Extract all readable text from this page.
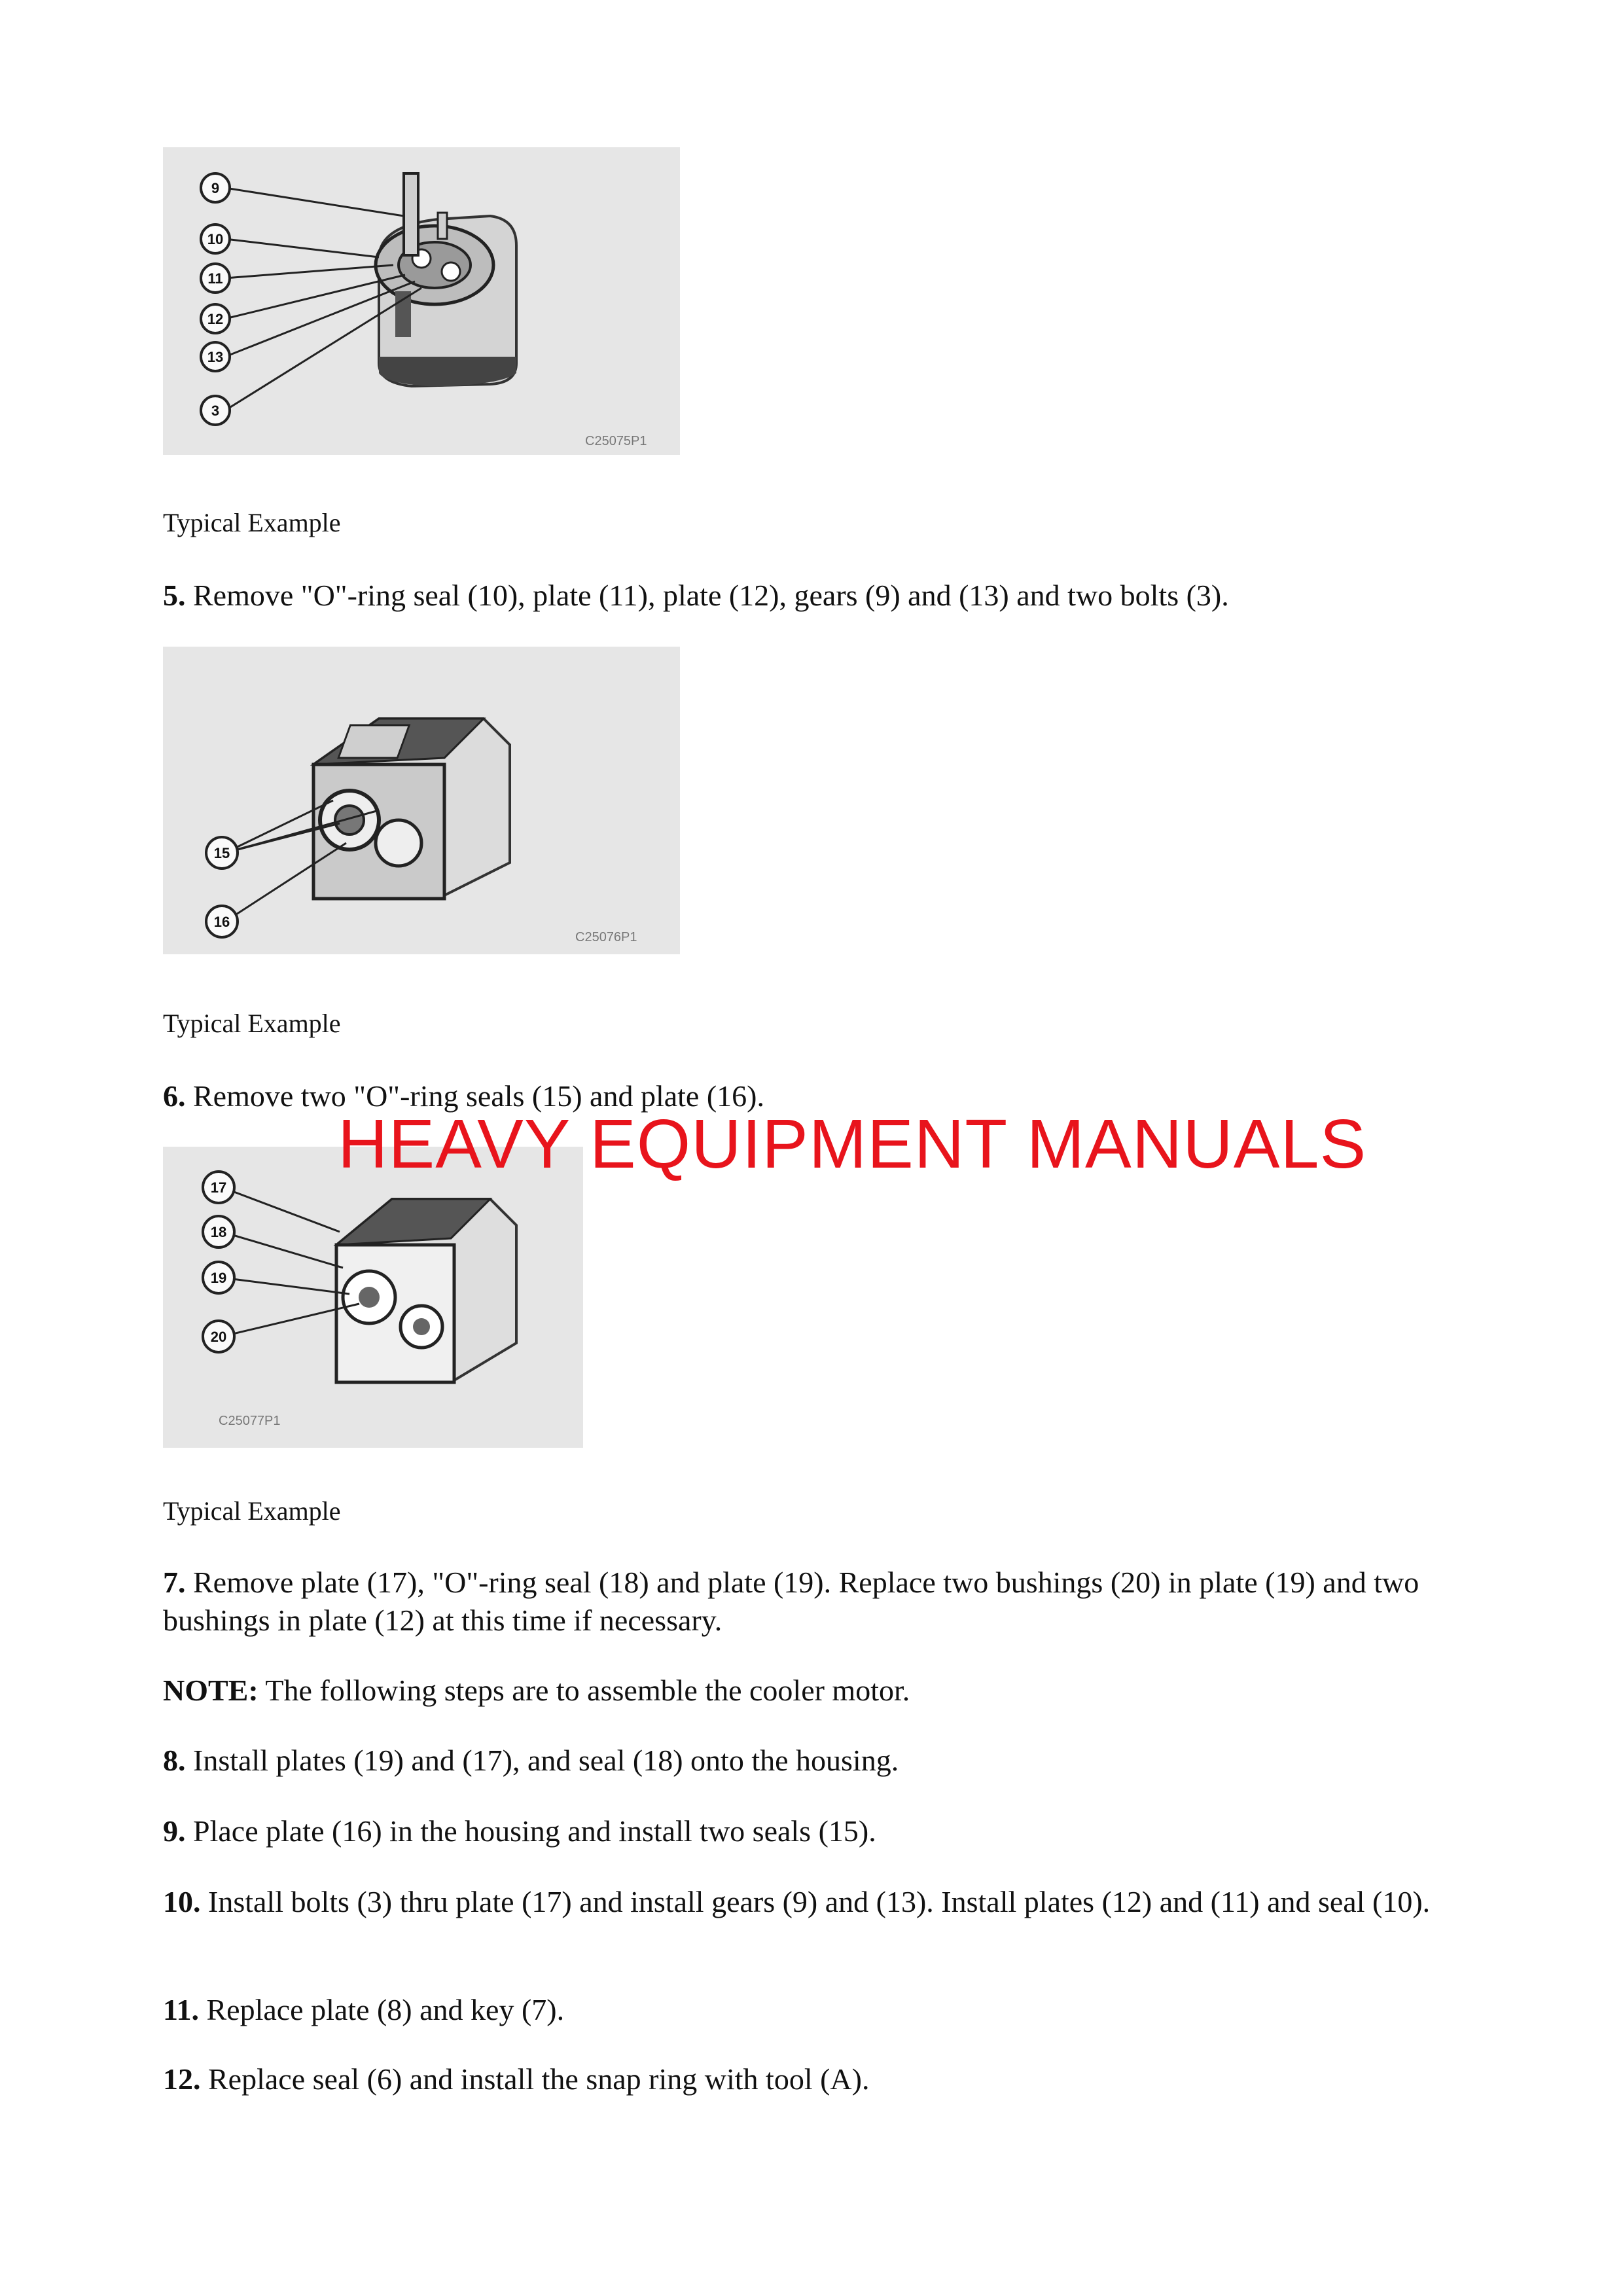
9
10
11
12
13
3
C25075P1
Typical Example
5. Remove "O"-ring seal (10), plate (11), plate (12), gears (9) and (13) and two bolts (3).
15
16
C25076P1
Typical Example
6. Remove two "O"-ring seals (15) and plate (16).
17
18
19
20
C25077P1
HEAVY EQUIPMENT MANUALS
Typical Example
7. Remove plate (17), "O"-ring seal (18) and plate (19). Replace two bushings (20) in plate (19) and two bushings in plate (12) at this time if necessary.
NOTE: The following steps are to assemble the cooler motor.
8. Install plates (19) and (17), and seal (18) onto the housing.
9. Place plate (16) in the housing and install two seals (15).
10. Install bolts (3) thru plate (17) and install gears (9) and (13). Install plates (12) and (11) and seal (10).
11. Replace plate (8) and key (7).
12. Replace seal (6) and install the snap ring with tool (A).
